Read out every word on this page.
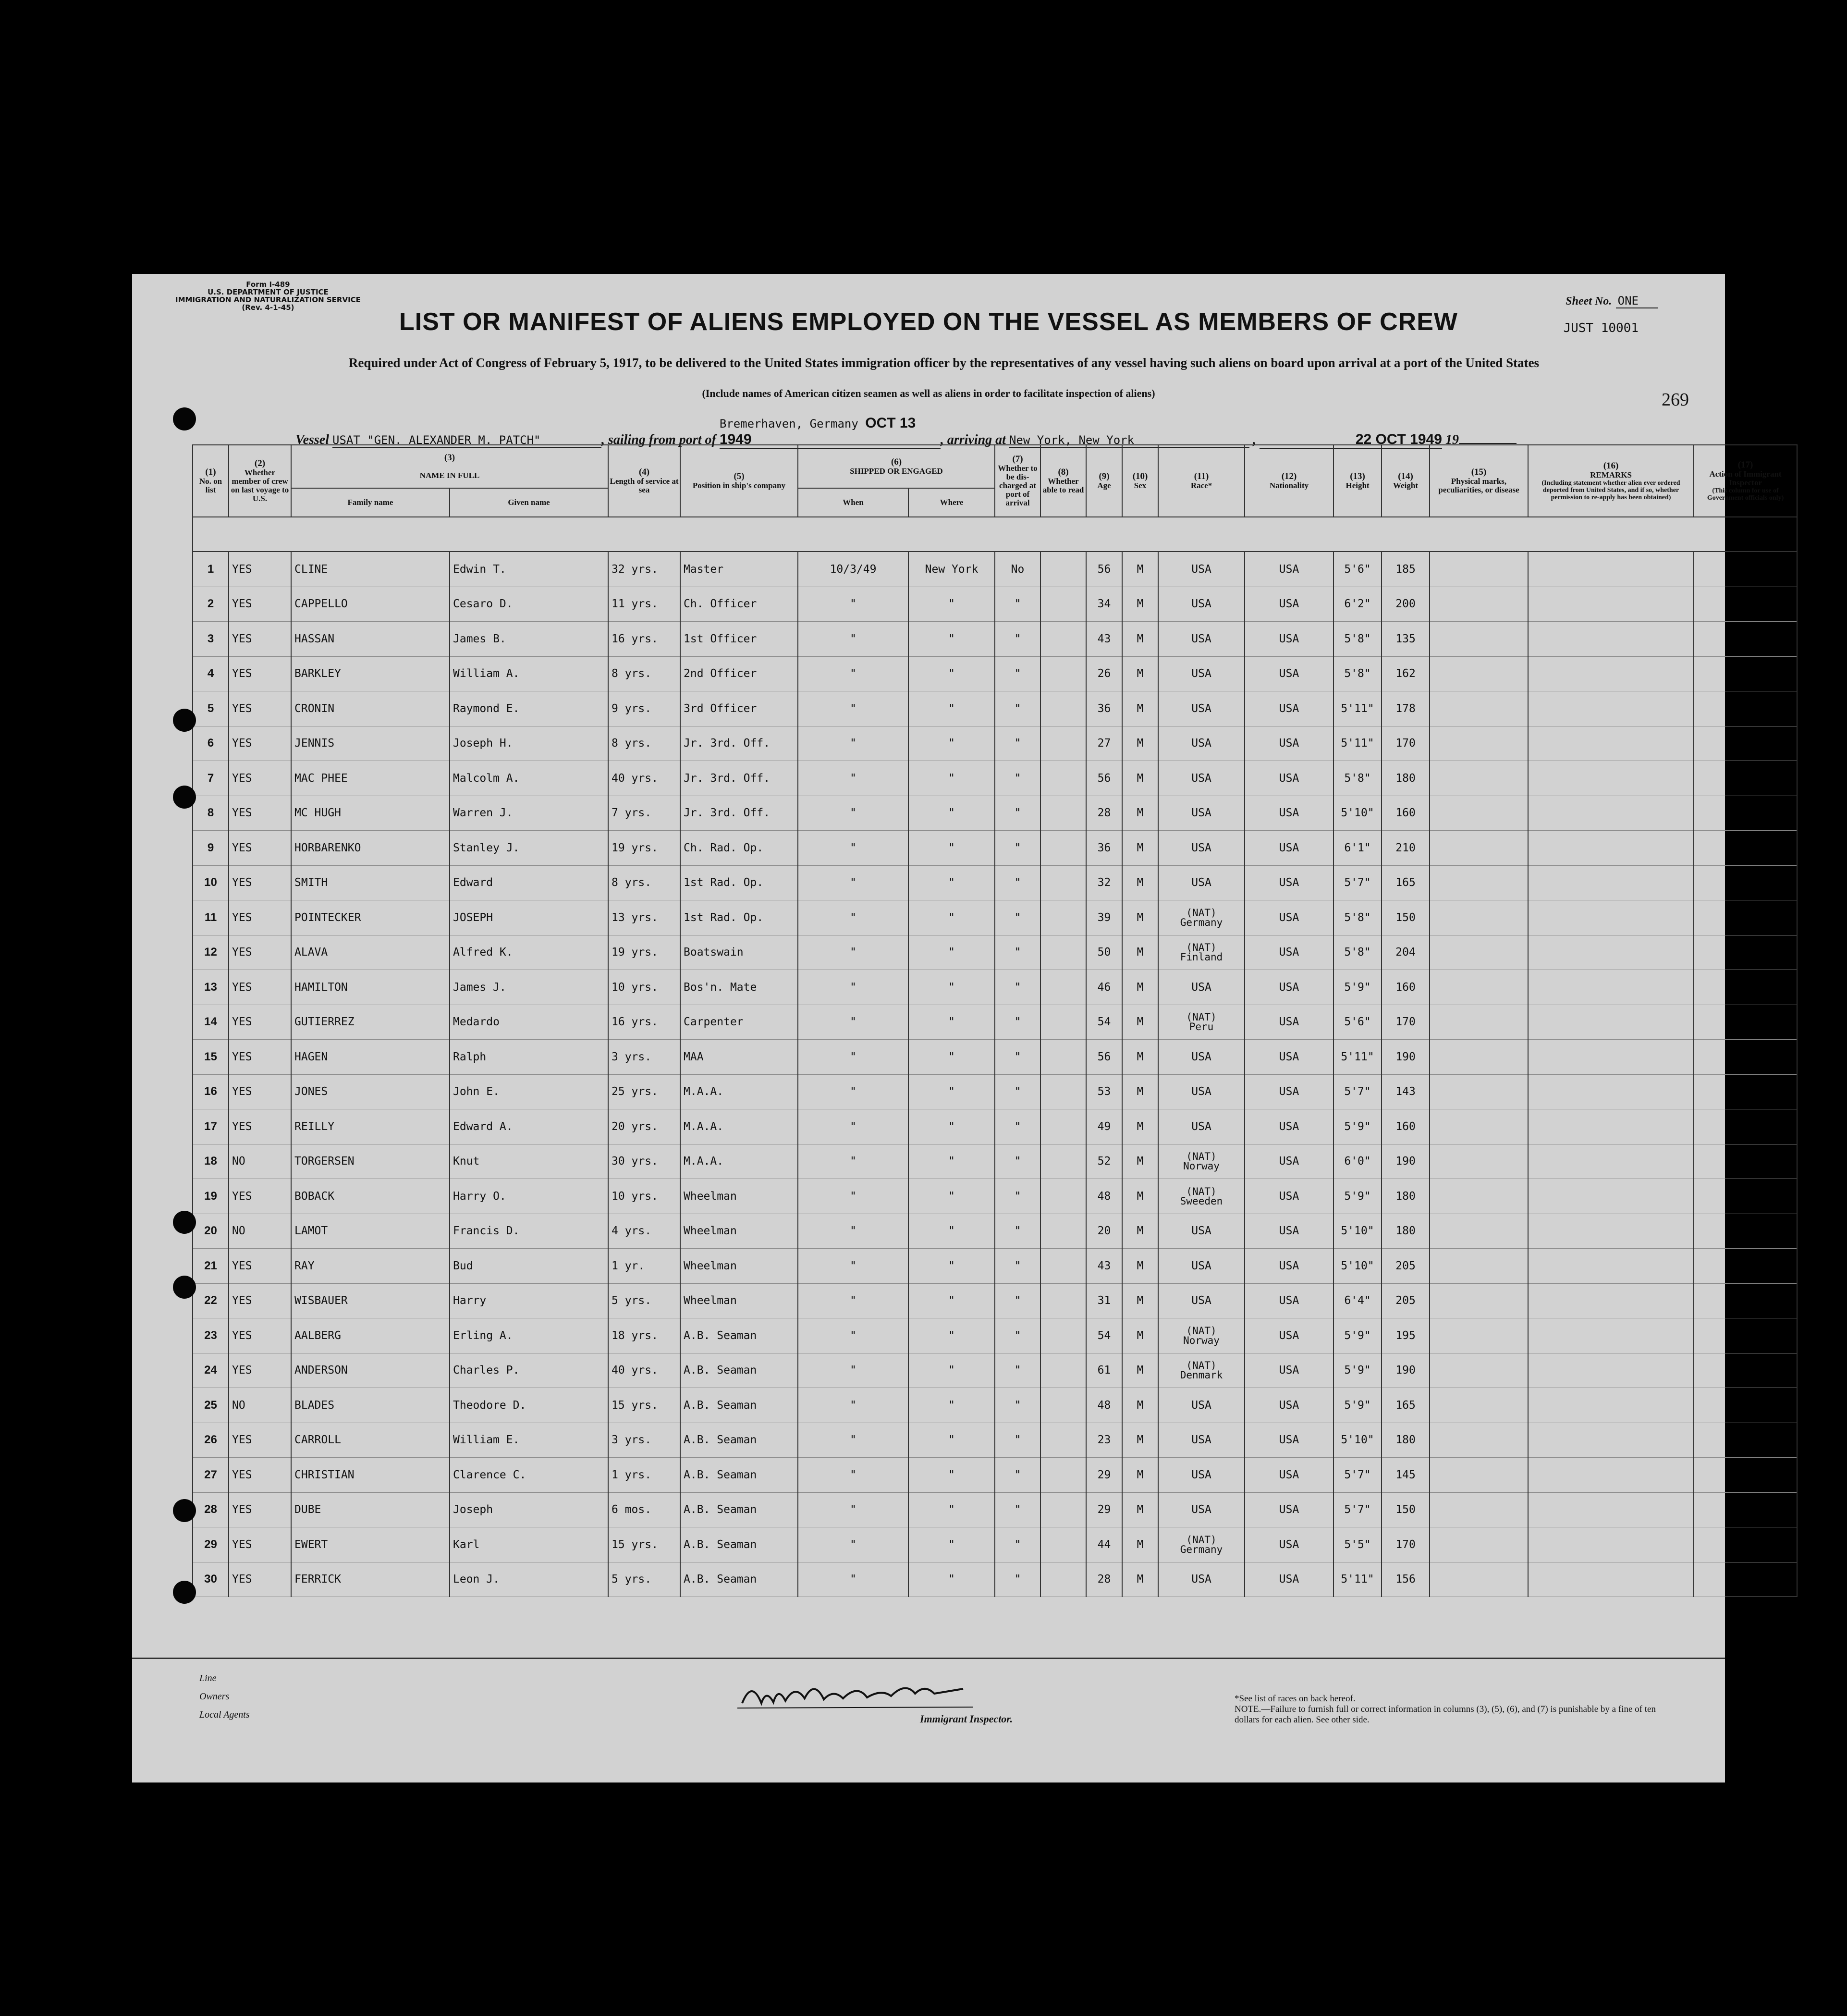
Form I-489
U.S. DEPARTMENT OF JUSTICE
IMMIGRATION AND NATURALIZATION SERVICE
(Rev. 4-1-45)	Sheet No. ONE
JUST 10001
LIST OR MANIFEST OF ALIENS EMPLOYED ON THE VESSEL AS MEMBERS OF CREW
Required under Act of Congress of February 5, 1917, to be delivered to the United States immigration officer by the representatives of any vessel having such aliens on board upon arrival at a port of the United States
(Include names of American citizen seamen as well as aliens in order to facilitate inspection of aliens)	269
Vessel USAT "GEN. ALEXANDER M. PATCH"	, sailing from port of Bremerhaven, Germany OCT 13 1949	, arriving at New York, New York	,	22 OCT 1949 19
(1)
No. on list	(2)
Whether member of crew on last voyage to U.S.	(3)

NAME IN FULL		(4)
Length of service at sea	(5)
Position in ship's company	(6)
SHIPPED OR ENGAGED		(7)
Whether to be dis-charged at port of arrival	(8)
Whether able to read	(9)
Age	(10)
Sex	(11)
Race*	(12)
Nationality	(13)
Height	(14)
Weight	(15)
Physical marks, peculiarities, or disease	(16)
REMARKS
(Including statement whether alien ever ordered deported from United States, and if so, whether permission to re-apply has been obtained)	(17)
Action of Immigrant Inspector
(This column for use of Government officials only)

		Family name	Given name			When	Where											

1	YES	CLINE	Edwin T.	32 yrs.	Master	10/3/49	New York	No		56	M	USA	USA	5'6"	185			
2	YES	CAPPELLO	Cesaro D.	11 yrs.	Ch. Officer	"	"	"		34	M	USA	USA	6'2"	200			
3	YES	HASSAN	James B.	16 yrs.	1st Officer	"	"	"		43	M	USA	USA	5'8"	135			
4	YES	BARKLEY	William A.	8 yrs.	2nd Officer	"	"	"		26	M	USA	USA	5'8"	162			
5	YES	CRONIN	Raymond E.	9 yrs.	3rd Officer	"	"	"		36	M	USA	USA	5'11"	178			
6	YES	JENNIS	Joseph H.	8 yrs.	Jr. 3rd. Off.	"	"	"		27	M	USA	USA	5'11"	170			
7	YES	MAC PHEE	Malcolm A.	40 yrs.	Jr. 3rd. Off.	"	"	"		56	M	USA	USA	5'8"	180			
8	YES	MC HUGH	Warren J.	7 yrs.	Jr. 3rd. Off.	"	"	"		28	M	USA	USA	5'10"	160			
9	YES	HORBARENKO	Stanley J.	19 yrs.	Ch. Rad. Op.	"	"	"		36	M	USA	USA	6'1"	210			
10	YES	SMITH	Edward	8 yrs.	1st Rad. Op.	"	"	"		32	M	USA	USA	5'7"	165			
11	YES	POINTECKER	JOSEPH	13 yrs.	1st Rad. Op.	"	"	"		39	M	(NAT)
Germany	USA	5'8"	150			
12	YES	ALAVA	Alfred K.	19 yrs.	Boatswain	"	"	"		50	M	(NAT)
Finland	USA	5'8"	204			
13	YES	HAMILTON	James J.	10 yrs.	Bos'n. Mate	"	"	"		46	M	USA	USA	5'9"	160			
14	YES	GUTIERREZ	Medardo	16 yrs.	Carpenter	"	"	"		54	M	(NAT)
Peru	USA	5'6"	170			
15	YES	HAGEN	Ralph	3 yrs.	MAA	"	"	"		56	M	USA	USA	5'11"	190			
16	YES	JONES	John E.	25 yrs.	M.A.A.	"	"	"		53	M	USA	USA	5'7"	143			
17	YES	REILLY	Edward A.	20 yrs.	M.A.A.	"	"	"		49	M	USA	USA	5'9"	160			
18	NO	TORGERSEN	Knut	30 yrs.	M.A.A.	"	"	"		52	M	(NAT)
Norway	USA	6'0"	190			
19	YES	BOBACK	Harry O.	10 yrs.	Wheelman	"	"	"		48	M	(NAT)
Sweeden	USA	5'9"	180			
20	NO	LAMOT	Francis D.	4 yrs.	Wheelman	"	"	"		20	M	USA	USA	5'10"	180			
21	YES	RAY	Bud	1 yr.	Wheelman	"	"	"		43	M	USA	USA	5'10"	205			
22	YES	WISBAUER	Harry	5 yrs.	Wheelman	"	"	"		31	M	USA	USA	6'4"	205			
23	YES	AALBERG	Erling A.	18 yrs.	A.B. Seaman	"	"	"		54	M	(NAT)
Norway	USA	5'9"	195			
24	YES	ANDERSON	Charles P.	40 yrs.	A.B. Seaman	"	"	"		61	M	(NAT)
Denmark	USA	5'9"	190			
25	NO	BLADES	Theodore D.	15 yrs.	A.B. Seaman	"	"	"		48	M	USA	USA	5'9"	165			
26	YES	CARROLL	William E.	3 yrs.	A.B. Seaman	"	"	"		23	M	USA	USA	5'10"	180			
27	YES	CHRISTIAN	Clarence C.	1 yrs.	A.B. Seaman	"	"	"		29	M	USA	USA	5'7"	145			
28	YES	DUBE	Joseph	6 mos.	A.B. Seaman	"	"	"		29	M	USA	USA	5'7"	150			
29	YES	EWERT	Karl	15 yrs.	A.B. Seaman	"	"	"		44	M	(NAT)
Germany	USA	5'5"	170			
30	YES	FERRICK	Leon J.	5 yrs.	A.B. Seaman	"	"	"		28	M	USA	USA	5'11"	156			
Line
Owners
Local Agents	Immigrant Inspector.
*See list of races on back hereof.
NOTE.—Failure to furnish full or correct information in columns (3), (5), (6), and (7) is punishable by a fine of ten dollars for each alien. See other side.
